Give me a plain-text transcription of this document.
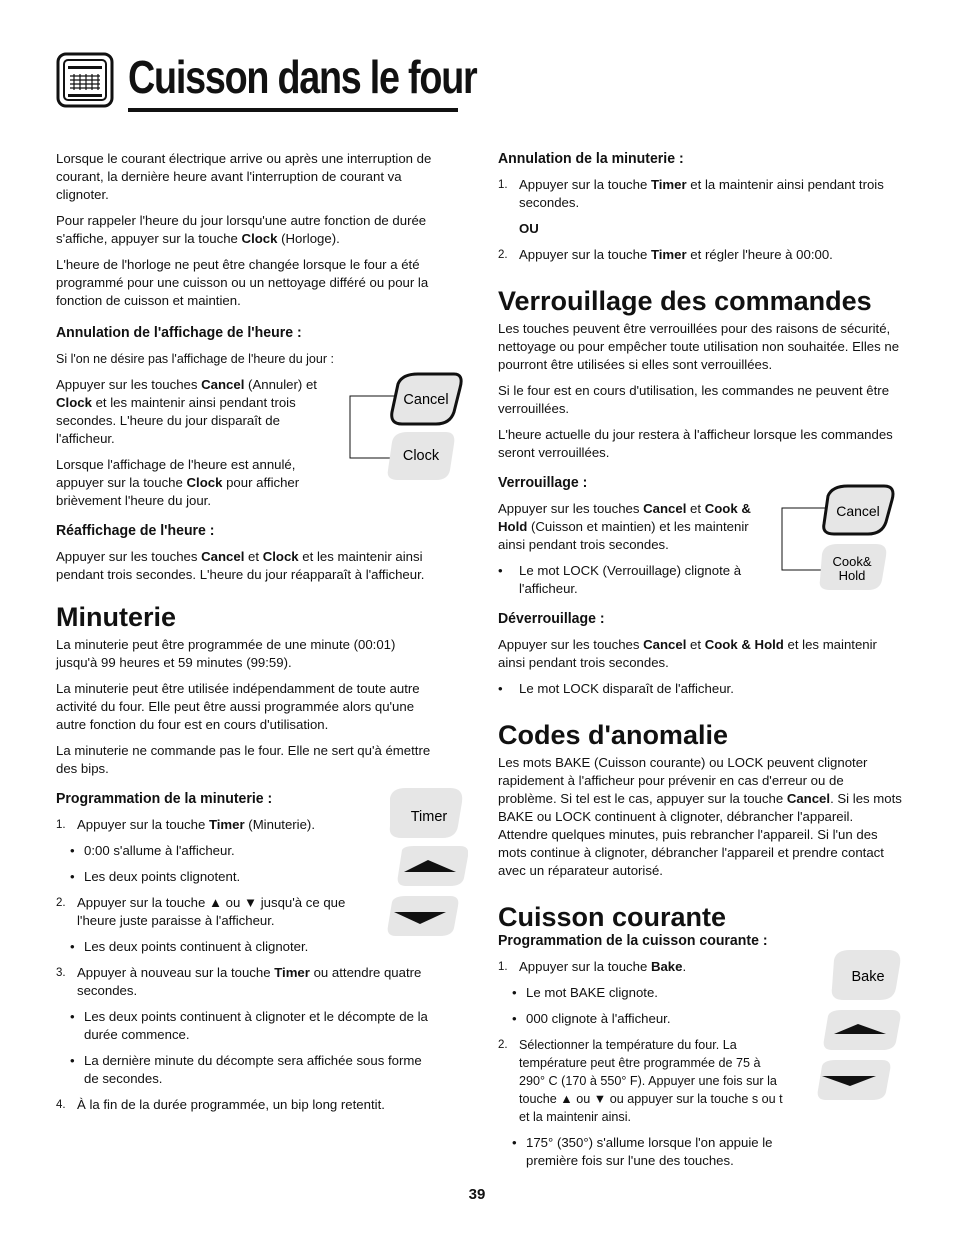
Cuisson dans le four

Lorsque le courant électrique arrive ou après une interruption de courant, la dernière heure avant l'interruption de courant va clignoter.

Pour rappeler l'heure du jour lorsqu'une autre fonction de durée s'affiche, appuyer sur la touche Clock (Horloge).

L'heure de l'horloge ne peut être changée lorsque le four a été programmé pour une cuisson ou un nettoyage différé ou pour la fonction de cuisson et maintien.

Annulation de l'affichage de l'heure :

Si l'on ne désire pas l'affichage de l'heure du jour :

Appuyer sur les touches Cancel (Annuler) et Clock et les maintenir ainsi pendant trois secondes. L'heure du jour disparaît de l'afficheur.

Lorsque l'affichage de l'heure est annulé, appuyer sur la touche Clock pour afficher brièvement l'heure du jour.

Réaffichage de l'heure :

Appuyer sur les touches Cancel et Clock et les maintenir ainsi pendant trois secondes. L'heure du jour réapparaît à l'afficheur.

Minuterie

La minuterie peut être programmée de une minute (00:01) jusqu'à 99 heures et 59 minutes (99:59).

La minuterie peut être utilisée indépendamment de toute autre activité du four. Elle peut être aussi programmée alors qu'une autre fonction du four est en cours d'utilisation.

La minuterie ne commande pas le four. Elle ne sert qu'à émettre des bips.

Programmation de la minuterie :
1. Appuyer sur la touche Timer (Minuterie).
• 0:00 s'allume à l'afficheur.
• Les deux points clignotent.
2. Appuyer sur la touche ▲ ou ▼ jusqu'à ce que l'heure juste paraisse à l'afficheur.
• Les deux points continuent à clignoter.
3. Appuyer à nouveau sur la touche Timer ou attendre quatre secondes.
• Les deux points continuent à clignoter et le décompte de la durée commence.
• La dernière minute du décompte sera affichée sous forme de secondes.
4. À la fin de la durée programmée, un bip long retentit.
Annulation de la minuterie :
1. Appuyer sur la touche Timer et la maintenir ainsi pendant trois secondes.
OU
2. Appuyer sur la touche Timer et régler l'heure à 00:00.
Verrouillage des commandes

Les touches peuvent être verrouillées pour des raisons de sécurité, nettoyage ou pour empêcher toute utilisation non souhaitée. Elles ne pourront être utilisées si elles sont verrouillées.

Si le four est en cours d'utilisation, les commandes ne peuvent être verrouillées.

L'heure actuelle du jour restera à l'afficheur lorsque les commandes seront verrouillées.

Verrouillage :

Appuyer sur les touches Cancel et Cook & Hold (Cuisson et maintien) et les maintenir ainsi pendant trois secondes.

•	Le mot LOCK (Verrouillage) clignote à l'afficheur.
Déverrouillage :

Appuyer sur les touches Cancel et Cook & Hold et les maintenir ainsi pendant trois secondes.

•	Le mot LOCK disparaît de l'afficheur.
Codes d'anomalie

Les mots BAKE (Cuisson courante) ou LOCK peuvent clignoter rapidement à l'afficheur pour prévenir en cas d'erreur ou de problème. Si tel est le cas, appuyer sur la touche Cancel. Si les mots BAKE ou LOCK continuent à clignoter, débrancher l'appareil. Attendre quelques minutes, puis rebrancher l'appareil. Si l'un des mots continue à clignoter, débrancher l'appareil et prendre contact avec un réparateur autorisé.

Cuisson courante
Programmation de la cuisson courante :
1. Appuyer sur la touche Bake.
• Le mot BAKE clignote.
• 000 clignote à l'afficheur.
2. Sélectionner la température du four. La température peut être programmée de 75 à 290° C (170 à 550° F). Appuyer une fois sur la touche ▲ ou ▼ ou appuyer sur la touche s ou t et la maintenir ainsi.
• 175° (350°) s'allume lorsque l'on appuie le première fois sur l'une des touches.
Cancel
Clock
Timer
Cancel
Cook&
Hold
Bake
39
